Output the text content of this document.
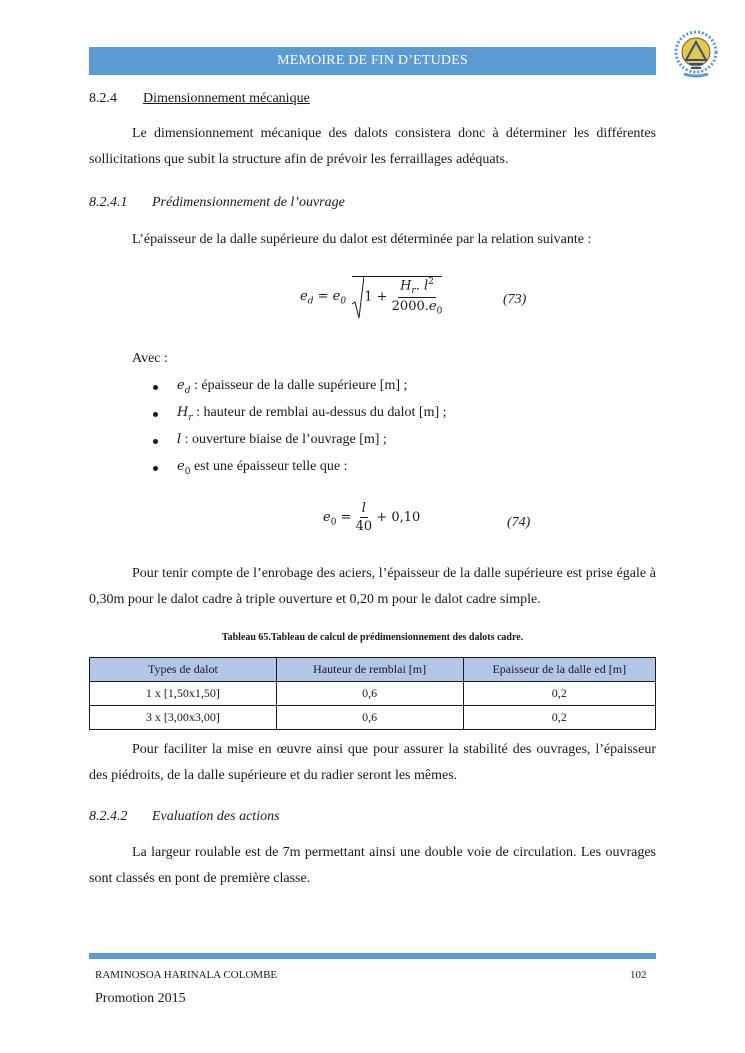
MEMOIRE DE FIN D’ETUDES
8.2.4 Dimensionnement mécanique
Le dimensionnement mécanique des dalots consistera donc à déterminer les différentes sollicitations que subit la structure afin de prévoir les ferraillages adéquats.
8.2.4.1 Prédimensionnement de l’ouvrage
L’épaisseur de la dalle supérieure du dalot est déterminée par la relation suivante :
$e_d = e_0$ $1 + \frac{H_r. l^2}{2000.e_0}$	(73)
Avec :
$e_d$ : épaisseur de la dalle supérieure [m] ;
$H_r$ : hauteur de remblai au-dessus du dalot [m] ;
l : ouverture biaise de l’ouvrage [m] ;
$e_0$ est une épaisseur telle que :
$e_0 = \frac{l}{40} + 0,10$	(74)
Pour tenir compte de l’enrobage des aciers, l’épaisseur de la dalle supérieure est prise égale à 0,30m pour le dalot cadre à triple ouverture et 0,20 m pour le dalot cadre simple.
Tableau 65.Tableau de calcul de prédimensionnement des dalots cadre.
Types de dalot	Hauteur de remblai [m]	Epaisseur de la dalle ed [m]
1 x [1,50x1,50]	0,6	0,2
3 x [3,00x3,00]	0,6	0,2
Pour faciliter la mise en œuvre ainsi que pour assurer la stabilité des ouvrages, l’épaisseur des piédroits, de la dalle supérieure et du radier seront les mêmes.
8.2.4.2 Evaluation des actions
La largeur roulable est de 7m permettant ainsi une double voie de circulation. Les ouvrages sont classés en pont de première classe.
RAMINOSOA HARINALA COLOMBE	102
Promotion 2015
